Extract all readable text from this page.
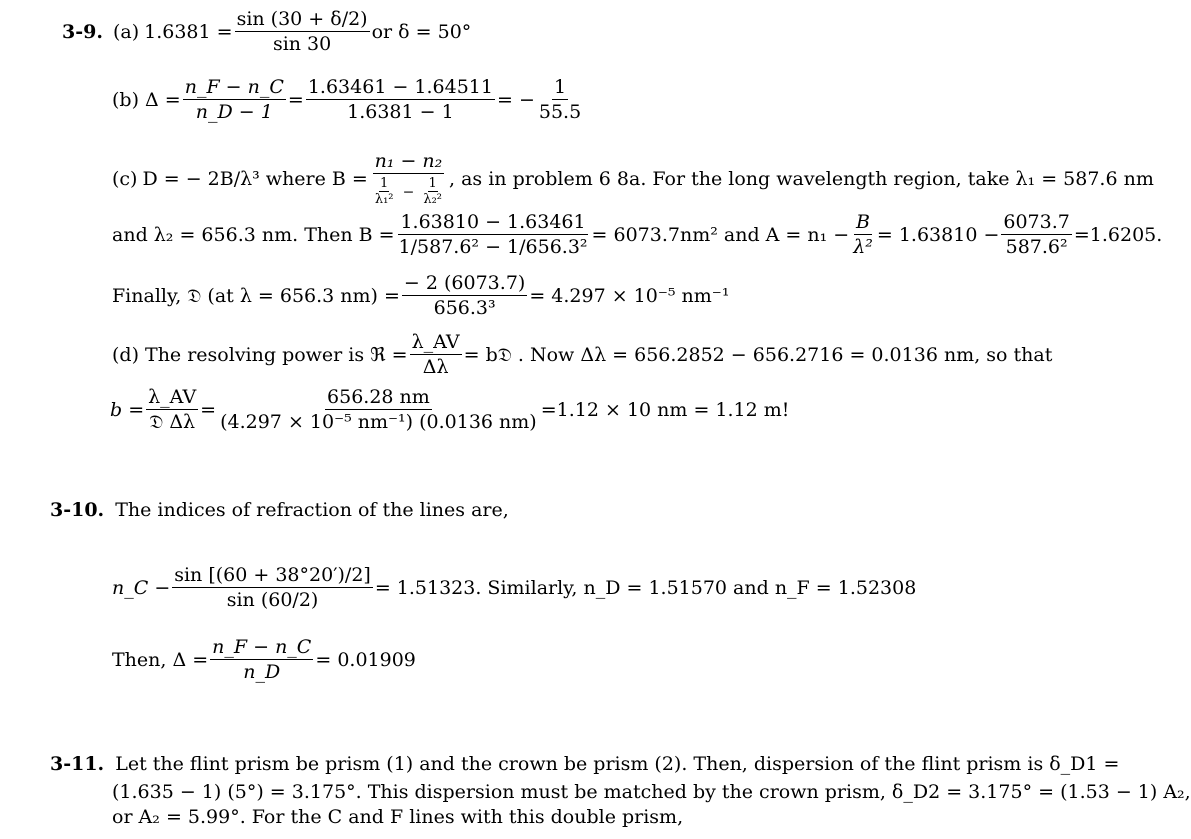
3-9. (a) $1.6381 = \frac{\sin (30 + \delta/2)}{\sin 30}$ or δ = 50°
(b) $\Delta = \frac{n\_F - n\_C}{n\_D - 1} = \frac{1.63461 - 1.64511}{1.6381 - 1}$ = − $\frac{1}{55.5}$
(c) D = − 2B/λ³ where $B = \frac{\text{n₁ − n₂}}{\frac{1}{\text{λ₁²}} - \frac{1}{\text{λ₂²}}}$ , as in problem 6 8a. For the long wavelength region, take λ₁ = 587.6 nm
and λ₂ = 656.3 nm. Then $B = \frac{1.63810 - 1.63461}{\text{1/587.6² − 1/656.3²}} = 6073.7nm^2$ and $A = n_1 - \frac{B}{\text{λ²}} = 1.63810 - \frac{6073.7}{\text{587.6²}} =1.6205$.
Finally, 𝔇 (at λ = 656.3 $nm) = \frac{- 2 (6073.7)}{\text{656.3³}} = 4.297 \times 10^{-5}$ nm⁻¹
(d) The resolving power is ℜ = $\frac{\lambda\_AV}{\Delta\lambda}$ = b𝔇 . Now Δλ = 656.2852 − 656.2716 = 0.0136 nm, so that
$b = \frac{\lambda\_AV}{\text{𝔇 Δλ}} = \frac{656.28 nm}{\text{(4.297 × 10⁻⁵ nm⁻¹) (0.0136 nm)}} =1.12 \times 10$ nm = 1.12 m!
3-10. The indices of refraction of the lines are,
n_C − $\frac{\sin [(60 + 38^\circ 20')/2]}{\sin (60/2)} = 1.51323$. Similarly, n_D = 1.51570 and n_F = 1.52308
Then, $\Delta = \frac{n\_F - n\_C}{n\_D} = 0.01909$
3-11. Let the flint prism be prism (1) and the crown be prism (2). Then, dispersion of the flint prism is δ_D1 =
(1.635 − 1) (5°) = 3.175°. This dispersion must be matched by the crown prism, δ_D2 = 3.175° = (1.53 − 1) A₂,
or A₂ = 5.99°. For the C and F lines with this double prism,
